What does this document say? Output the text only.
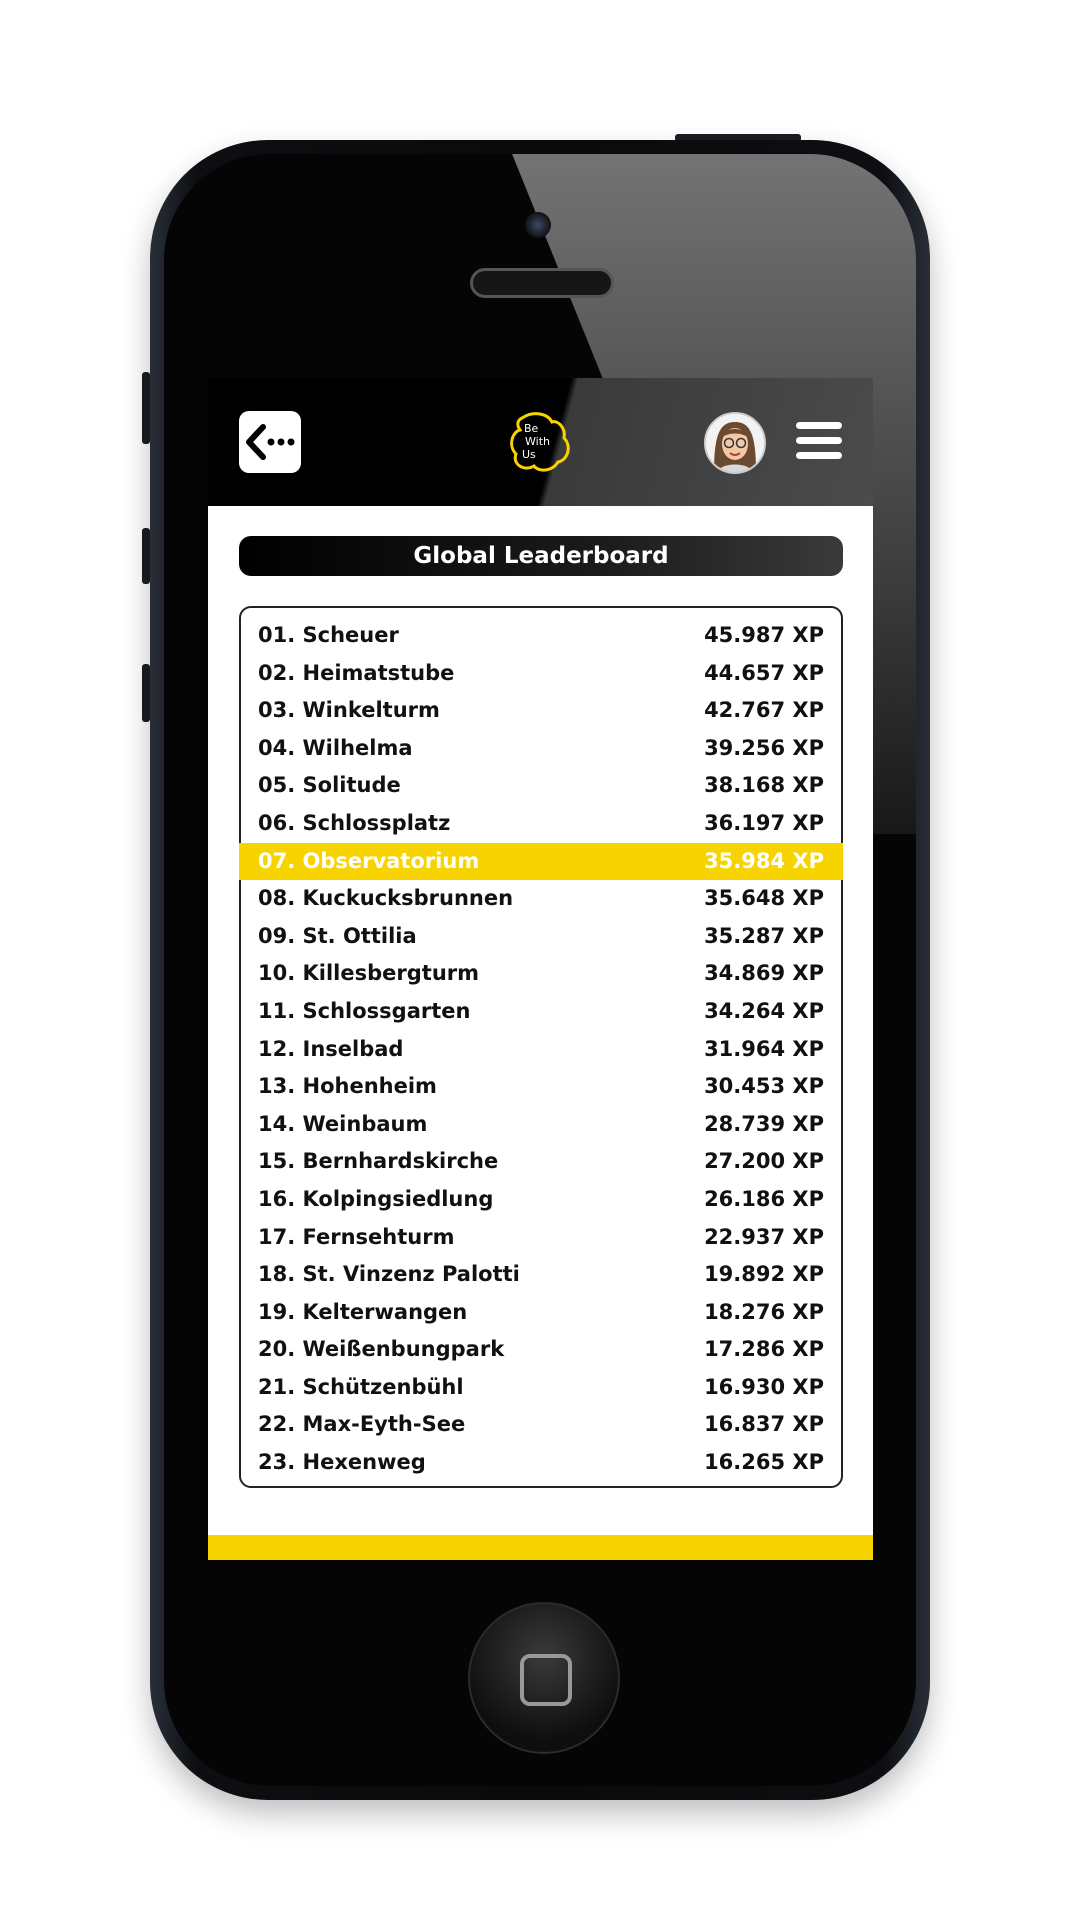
Be
With
Us
Global Leaderboard
01. Scheuer	45.987 XP
02. Heimatstube	44.657 XP
03. Winkelturm	42.767 XP
04. Wilhelma	39.256 XP
05. Solitude	38.168 XP
06. Schlossplatz	36.197 XP
07. Observatorium	35.984 XP
08. Kuckucksbrunnen	35.648 XP
09. St. Ottilia	35.287 XP
10. Killesbergturm	34.869 XP
11. Schlossgarten	34.264 XP
12. Inselbad	31.964 XP
13. Hohenheim	30.453 XP
14. Weinbaum	28.739 XP
15. Bernhardskirche	27.200 XP
16. Kolpingsiedlung	26.186 XP
17. Fernsehturm	22.937 XP
18. St. Vinzenz Palotti	19.892 XP
19. Kelterwangen	18.276 XP
20. Weißenbungpark	17.286 XP
21. Schützenbühl	16.930 XP
22. Max-Eyth-See	16.837 XP
23. Hexenweg	16.265 XP
